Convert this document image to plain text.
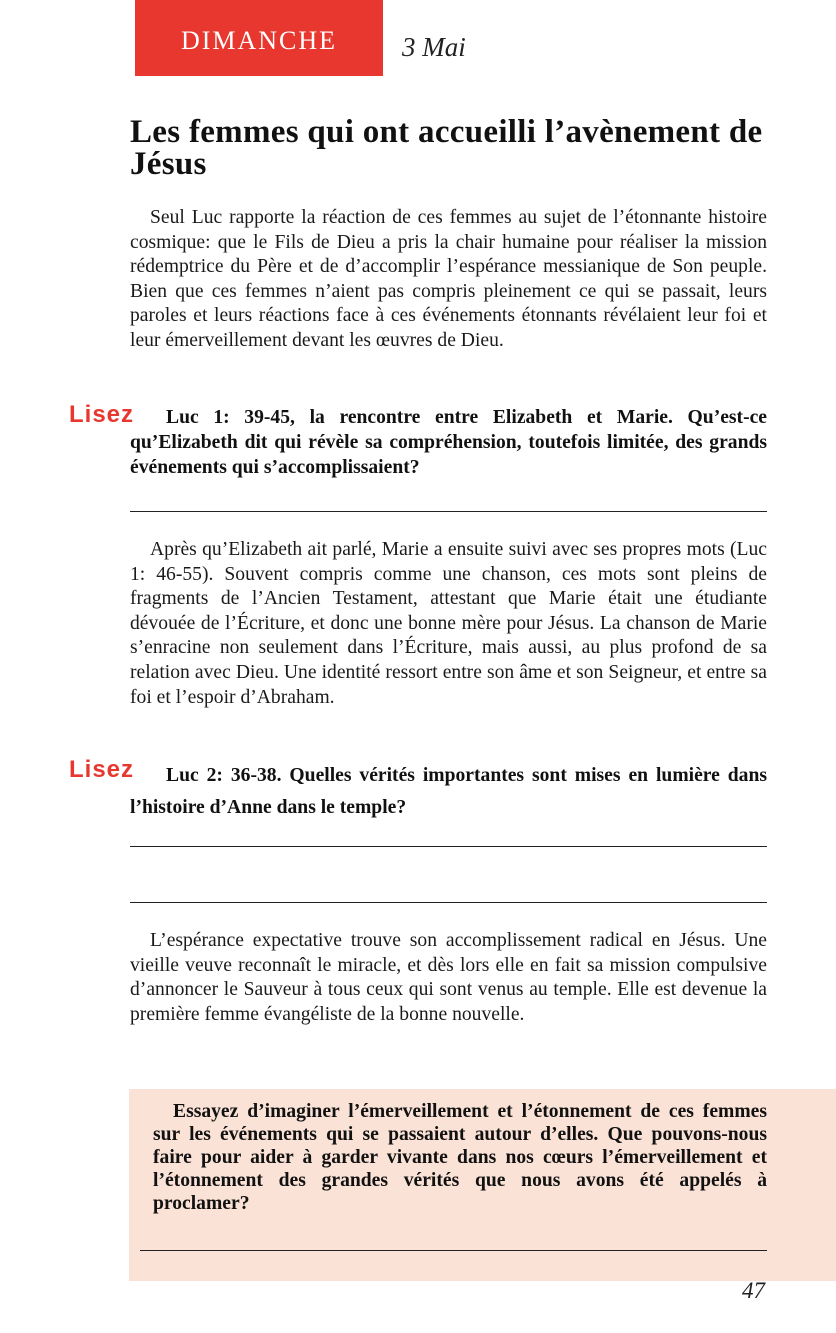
DIMANCHE 3 Mai
Les femmes qui ont accueilli l’avènement de Jésus

Seul Luc rapporte la réaction de ces femmes au sujet de l’étonnante histoire cosmique: que le Fils de Dieu a pris la chair humaine pour réaliser la mission rédemptrice du Père et de d’accomplir l’espérance messianique de Son peuple. Bien que ces femmes n’aient pas compris pleinement ce qui se passait, leurs paroles et leurs réactions face à ces événements étonnants révélaient leur foi et leur émerveillement devant les œuvres de Dieu.

Lisez	Luc 1: 39-45, la rencontre entre Elizabeth et Marie. Qu’est-ce qu’Elizabeth dit qui révèle sa compréhension, toutefois limitée, des grands événements qui s’accomplissaient?

Après qu’Elizabeth ait parlé, Marie a ensuite suivi avec ses propres mots (Luc 1: 46-55). Souvent compris comme une chanson, ces mots sont pleins de fragments de l’Ancien Testament, attestant que Marie était une étudiante dévouée de l’Écriture, et donc une bonne mère pour Jésus. La chanson de Marie s’enracine non seulement dans l’Écriture, mais aussi, au plus profond de sa relation avec Dieu. Une identité ressort entre son âme et son Seigneur, et entre sa foi et l’espoir d’Abraham.

Lisez	Luc 2: 36-38. Quelles vérités importantes sont mises en lumière dans l’histoire d’Anne dans le temple?

L’espérance expectative trouve son accomplissement radical en Jésus. Une vieille veuve reconnaît le miracle, et dès lors elle en fait sa mission compulsive d’annoncer le Sauveur à tous ceux qui sont venus au temple. Elle est devenue la première femme évangéliste de la bonne nouvelle.

Essayez d’imaginer l’émerveillement et l’étonnement de ces femmes sur les événements qui se passaient autour d’elles. Que pouvons-nous faire pour aider à garder vivante dans nos cœurs l’émerveillement et l’étonnement des grandes vérités que nous avons été appelés à proclamer?

47
